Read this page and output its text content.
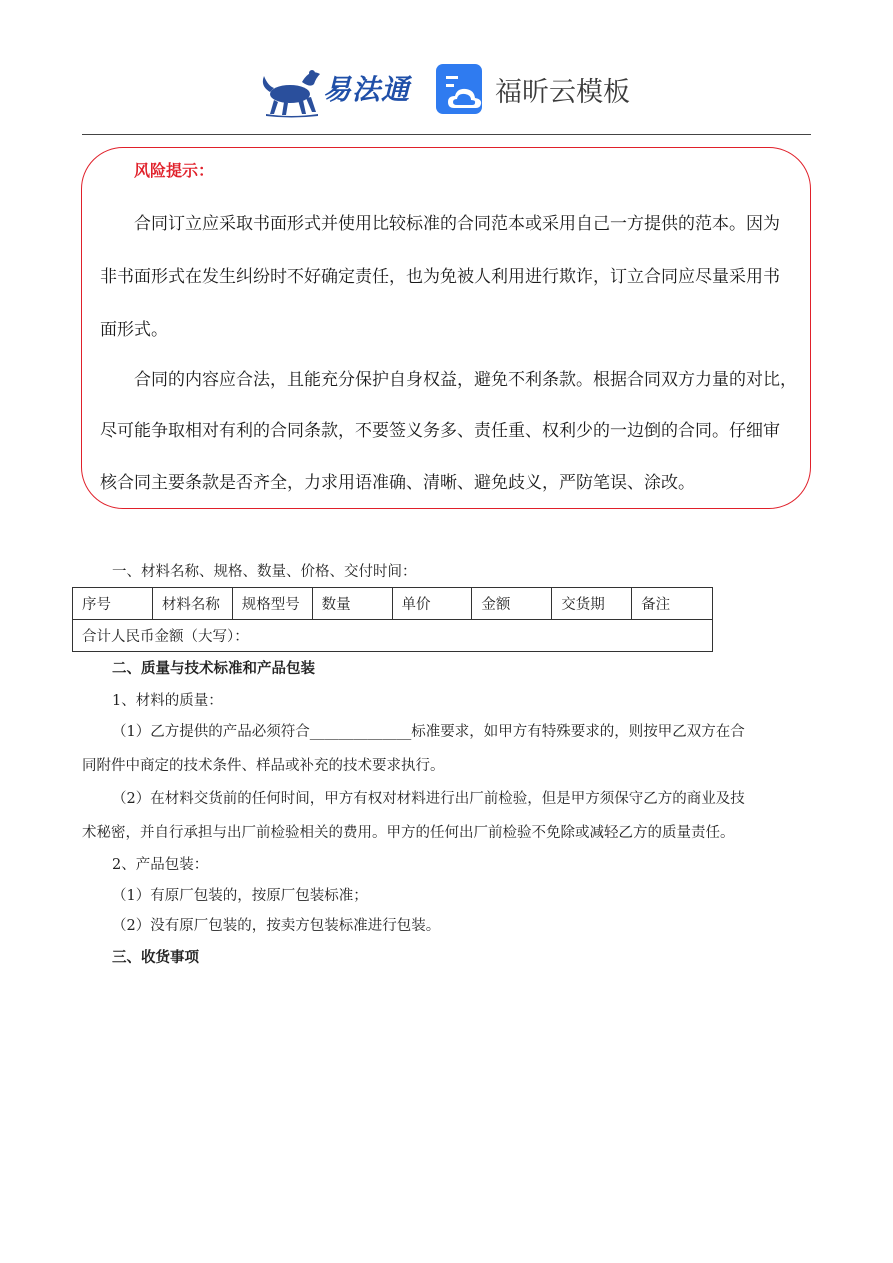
易法通	福昕云模板
风险提示：
合同订立应采取书面形式并使用比较标准的合同范本或采用自己一方提供的范本。因为
非书面形式在发生纠纷时不好确定责任，也为免被人利用进行欺诈，订立合同应尽量采用书
面形式。
合同的内容应合法，且能充分保护自身权益，避免不利条款。根据合同双方力量的对比，
尽可能争取相对有利的合同条款，不要签义务多、责任重、权利少的一边倒的合同。仔细审
核合同主要条款是否齐全，力求用语准确、清晰、避免歧义，严防笔误、涂改。
一、材料名称、规格、数量、价格、交付时间：
序号	材料名称	规格型号	数量	单价	金额	交货期	备注
合计人民币金额（大写）：
二、质量与技术标准和产品包装
1、材料的质量：
（1）乙方提供的产品必须符合______________标准要求，如甲方有特殊要求的，则按甲乙双方在合
同附件中商定的技术条件、样品或补充的技术要求执行。
（2）在材料交货前的任何时间，甲方有权对材料进行出厂前检验，但是甲方须保守乙方的商业及技
术秘密，并自行承担与出厂前检验相关的费用。甲方的任何出厂前检验不免除或减轻乙方的质量责任。
2、产品包装：
（1）有原厂包装的，按原厂包装标准；
（2）没有原厂包装的，按卖方包装标准进行包装。
三、收货事项
